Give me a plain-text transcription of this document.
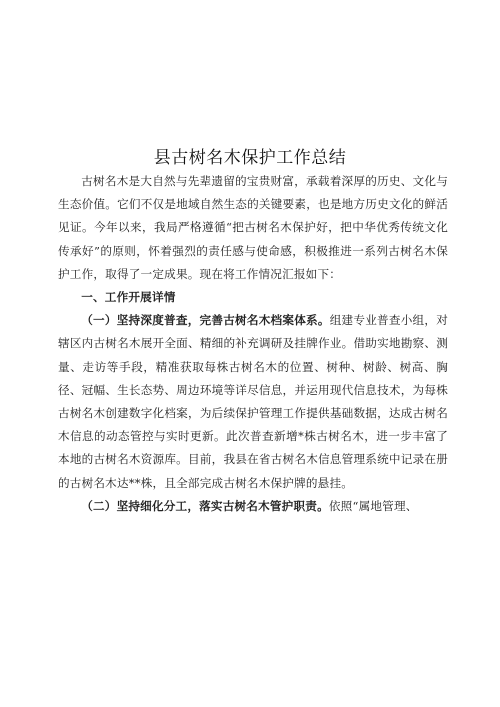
县古树名木保护工作总结

古树名木是大自然与先辈遗留的宝贵财富，承载着深厚的历史、文化与生态价值。它们不仅是地域自然生态的关键要素，也是地方历史文化的鲜活见证。今年以来，我局严格遵循“把古树名木保护好，把中华优秀传统文化传承好”的原则，怀着强烈的责任感与使命感，积极推进一系列古树名木保护工作，取得了一定成果。现在将工作情况汇报如下：

一、工作开展详情

（一）坚持深度普查，完善古树名木档案体系。组建专业普查小组，对辖区内古树名木展开全面、精细的补充调研及挂牌作业。借助实地勘察、测量、走访等手段，精准获取每株古树名木的位置、树种、树龄、树高、胸径、冠幅、生长态势、周边环境等详尽信息，并运用现代信息技术，为每株古树名木创建数字化档案，为后续保护管理工作提供基础数据，达成古树名木信息的动态管控与实时更新。此次普查新增*株古树名木，进一步丰富了本地的古树名木资源库。目前，我县在省古树名木信息管理系统中记录在册的古树名木达**株，且全部完成古树名木保护牌的悬挂。

（二）坚持细化分工，落实古树名木管护职责。依照“属地管理、
